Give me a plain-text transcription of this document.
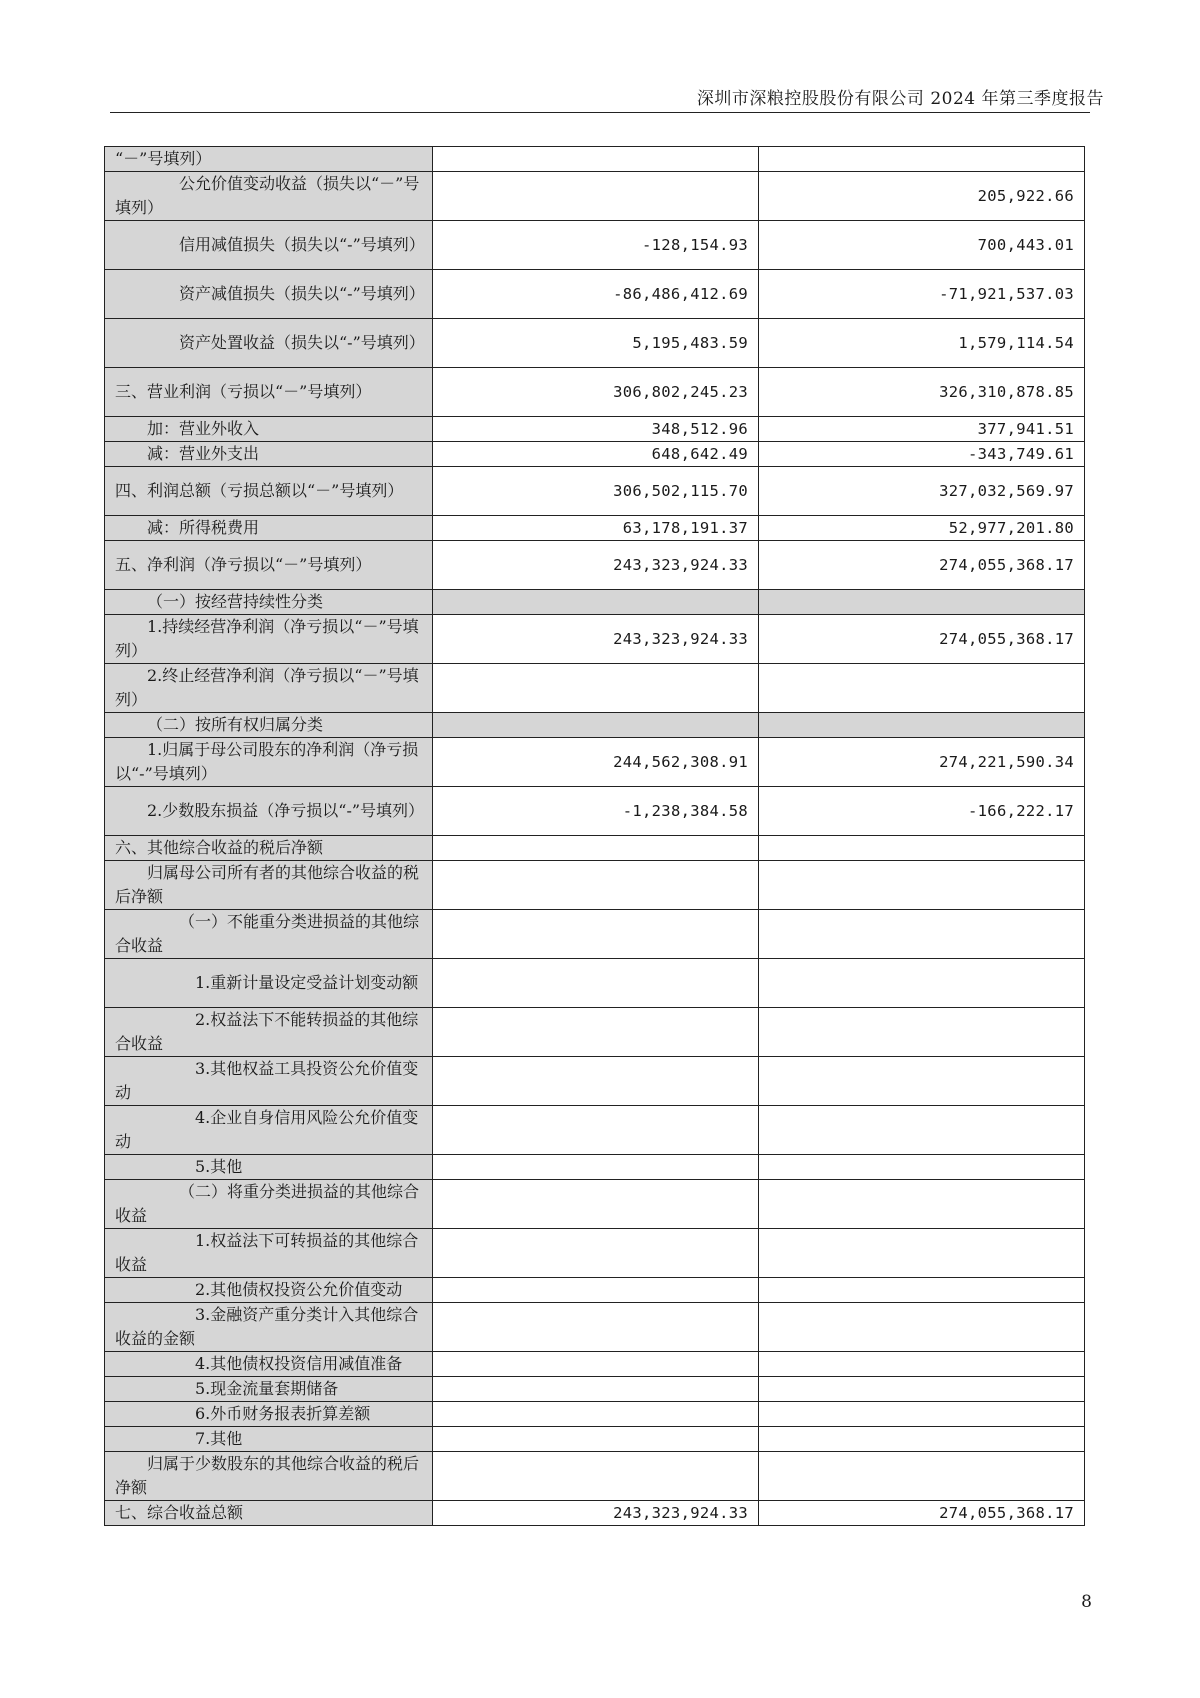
深圳市深粮控股股份有限公司 2024 年第三季度报告
“－”号填列）		
公允价值变动收益（损失以“－”号填列）		205,922.66
信用减值损失（损失以“-”号填列）	-128,154.93	700,443.01
资产减值损失（损失以“-”号填列）	-86,486,412.69	-71,921,537.03
资产处置收益（损失以“-”号填列）	5,195,483.59	1,579,114.54
三、营业利润（亏损以“－”号填列）	306,802,245.23	326,310,878.85
加：营业外收入	348,512.96	377,941.51
减：营业外支出	648,642.49	-343,749.61
四、利润总额（亏损总额以“－”号填列）	306,502,115.70	327,032,569.97
减：所得税费用	63,178,191.37	52,977,201.80
五、净利润（净亏损以“－”号填列）	243,323,924.33	274,055,368.17
（一）按经营持续性分类		
1.持续经营净利润（净亏损以“－”号填列）	243,323,924.33	274,055,368.17
2.终止经营净利润（净亏损以“－”号填列）		
（二）按所有权归属分类		
1.归属于母公司股东的净利润（净亏损以“-”号填列）	244,562,308.91	274,221,590.34
2.少数股东损益（净亏损以“-”号填列）	-1,238,384.58	-166,222.17
六、其他综合收益的税后净额		
归属母公司所有者的其他综合收益的税后净额		
（一）不能重分类进损益的其他综合收益		
1.重新计量设定受益计划变动额		
2.权益法下不能转损益的其他综合收益		
3.其他权益工具投资公允价值变动		
4.企业自身信用风险公允价值变动		
5.其他		
（二）将重分类进损益的其他综合收益		
1.权益法下可转损益的其他综合收益		
2.其他债权投资公允价值变动		
3.金融资产重分类计入其他综合收益的金额		
4.其他债权投资信用减值准备		
5.现金流量套期储备		
6.外币财务报表折算差额		
7.其他		
归属于少数股东的其他综合收益的税后净额		
七、综合收益总额	243,323,924.33	274,055,368.17
8
